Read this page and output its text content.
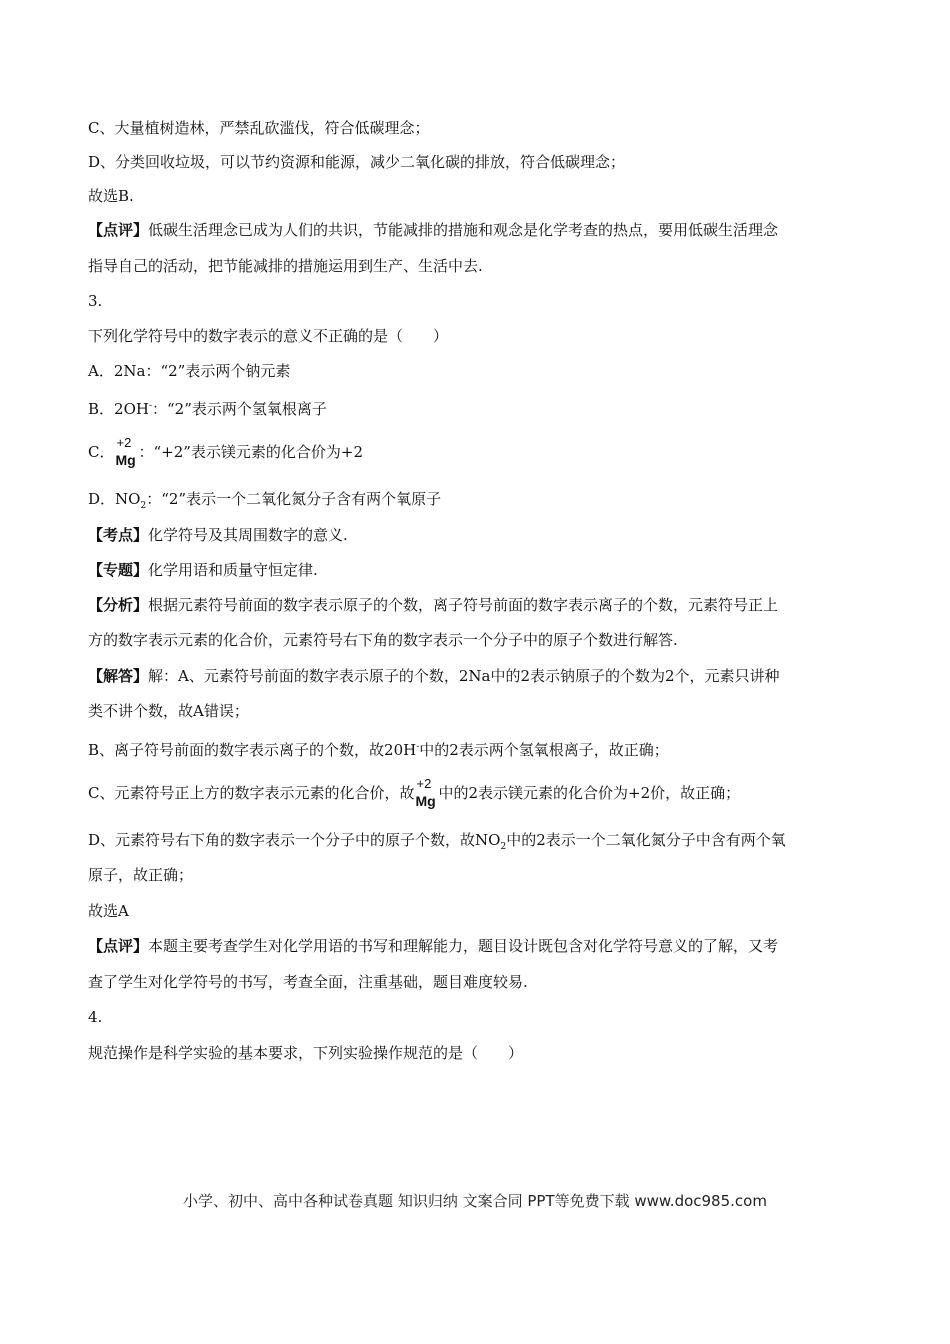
C、大量植树造林，严禁乱砍滥伐，符合低碳理念；
D、分类回收垃圾，可以节约资源和能源，减少二氧化碳的排放，符合低碳理念；
故选B.
【点评】低碳生活理念已成为人们的共识，节能减排的措施和观念是化学考查的热点，要用低碳生活理念
指导自己的活动，把节能减排的措施运用到生产、生活中去.
3.
下列化学符号中的数字表示的意义不正确的是（　　）
A．2Na：“2”表示两个钠元素
B．2OH-：“2”表示两个氢氧根离子
C．
+2
Mg ：“+2”表示镁元素的化合价为+2
D．$NO_2$：“2”表示一个二氧化氮分子含有两个氧原子
【考点】化学符号及其周围数字的意义.
【专题】化学用语和质量守恒定律.
【分析】根据元素符号前面的数字表示原子的个数，离子符号前面的数字表示离子的个数，元素符号正上
方的数字表示元素的化合价，元素符号右下角的数字表示一个分子中的原子个数进行解答.
【解答】解：A、元素符号前面的数字表示原子的个数，2Na中的2表示钠原子的个数为2个，元素只讲种
类不讲个数，故A错误；
B、离子符号前面的数字表示离子的个数，故20H-中的2表示两个氢氧根离子，故正确；
C、元素符号正上方的数字表示元素的化合价，故
+2
Mg 中的2表示镁元素的化合价为+2价，故正确；
D、元素符号右下角的数字表示一个分子中的原子个数，故$NO_2$中的2表示一个二氧化氮分子中含有两个氧
原子，故正确；
故选A
【点评】本题主要考查学生对化学用语的书写和理解能力，题目设计既包含对化学符号意义的了解，又考
查了学生对化学符号的书写，考查全面，注重基础，题目难度较易.
4.
规范操作是科学实验的基本要求，下列实验操作规范的是（　　）
小学、初中、高中各种试卷真题 知识归纳 文案合同 PPT等免费下载 www.doc985.com
